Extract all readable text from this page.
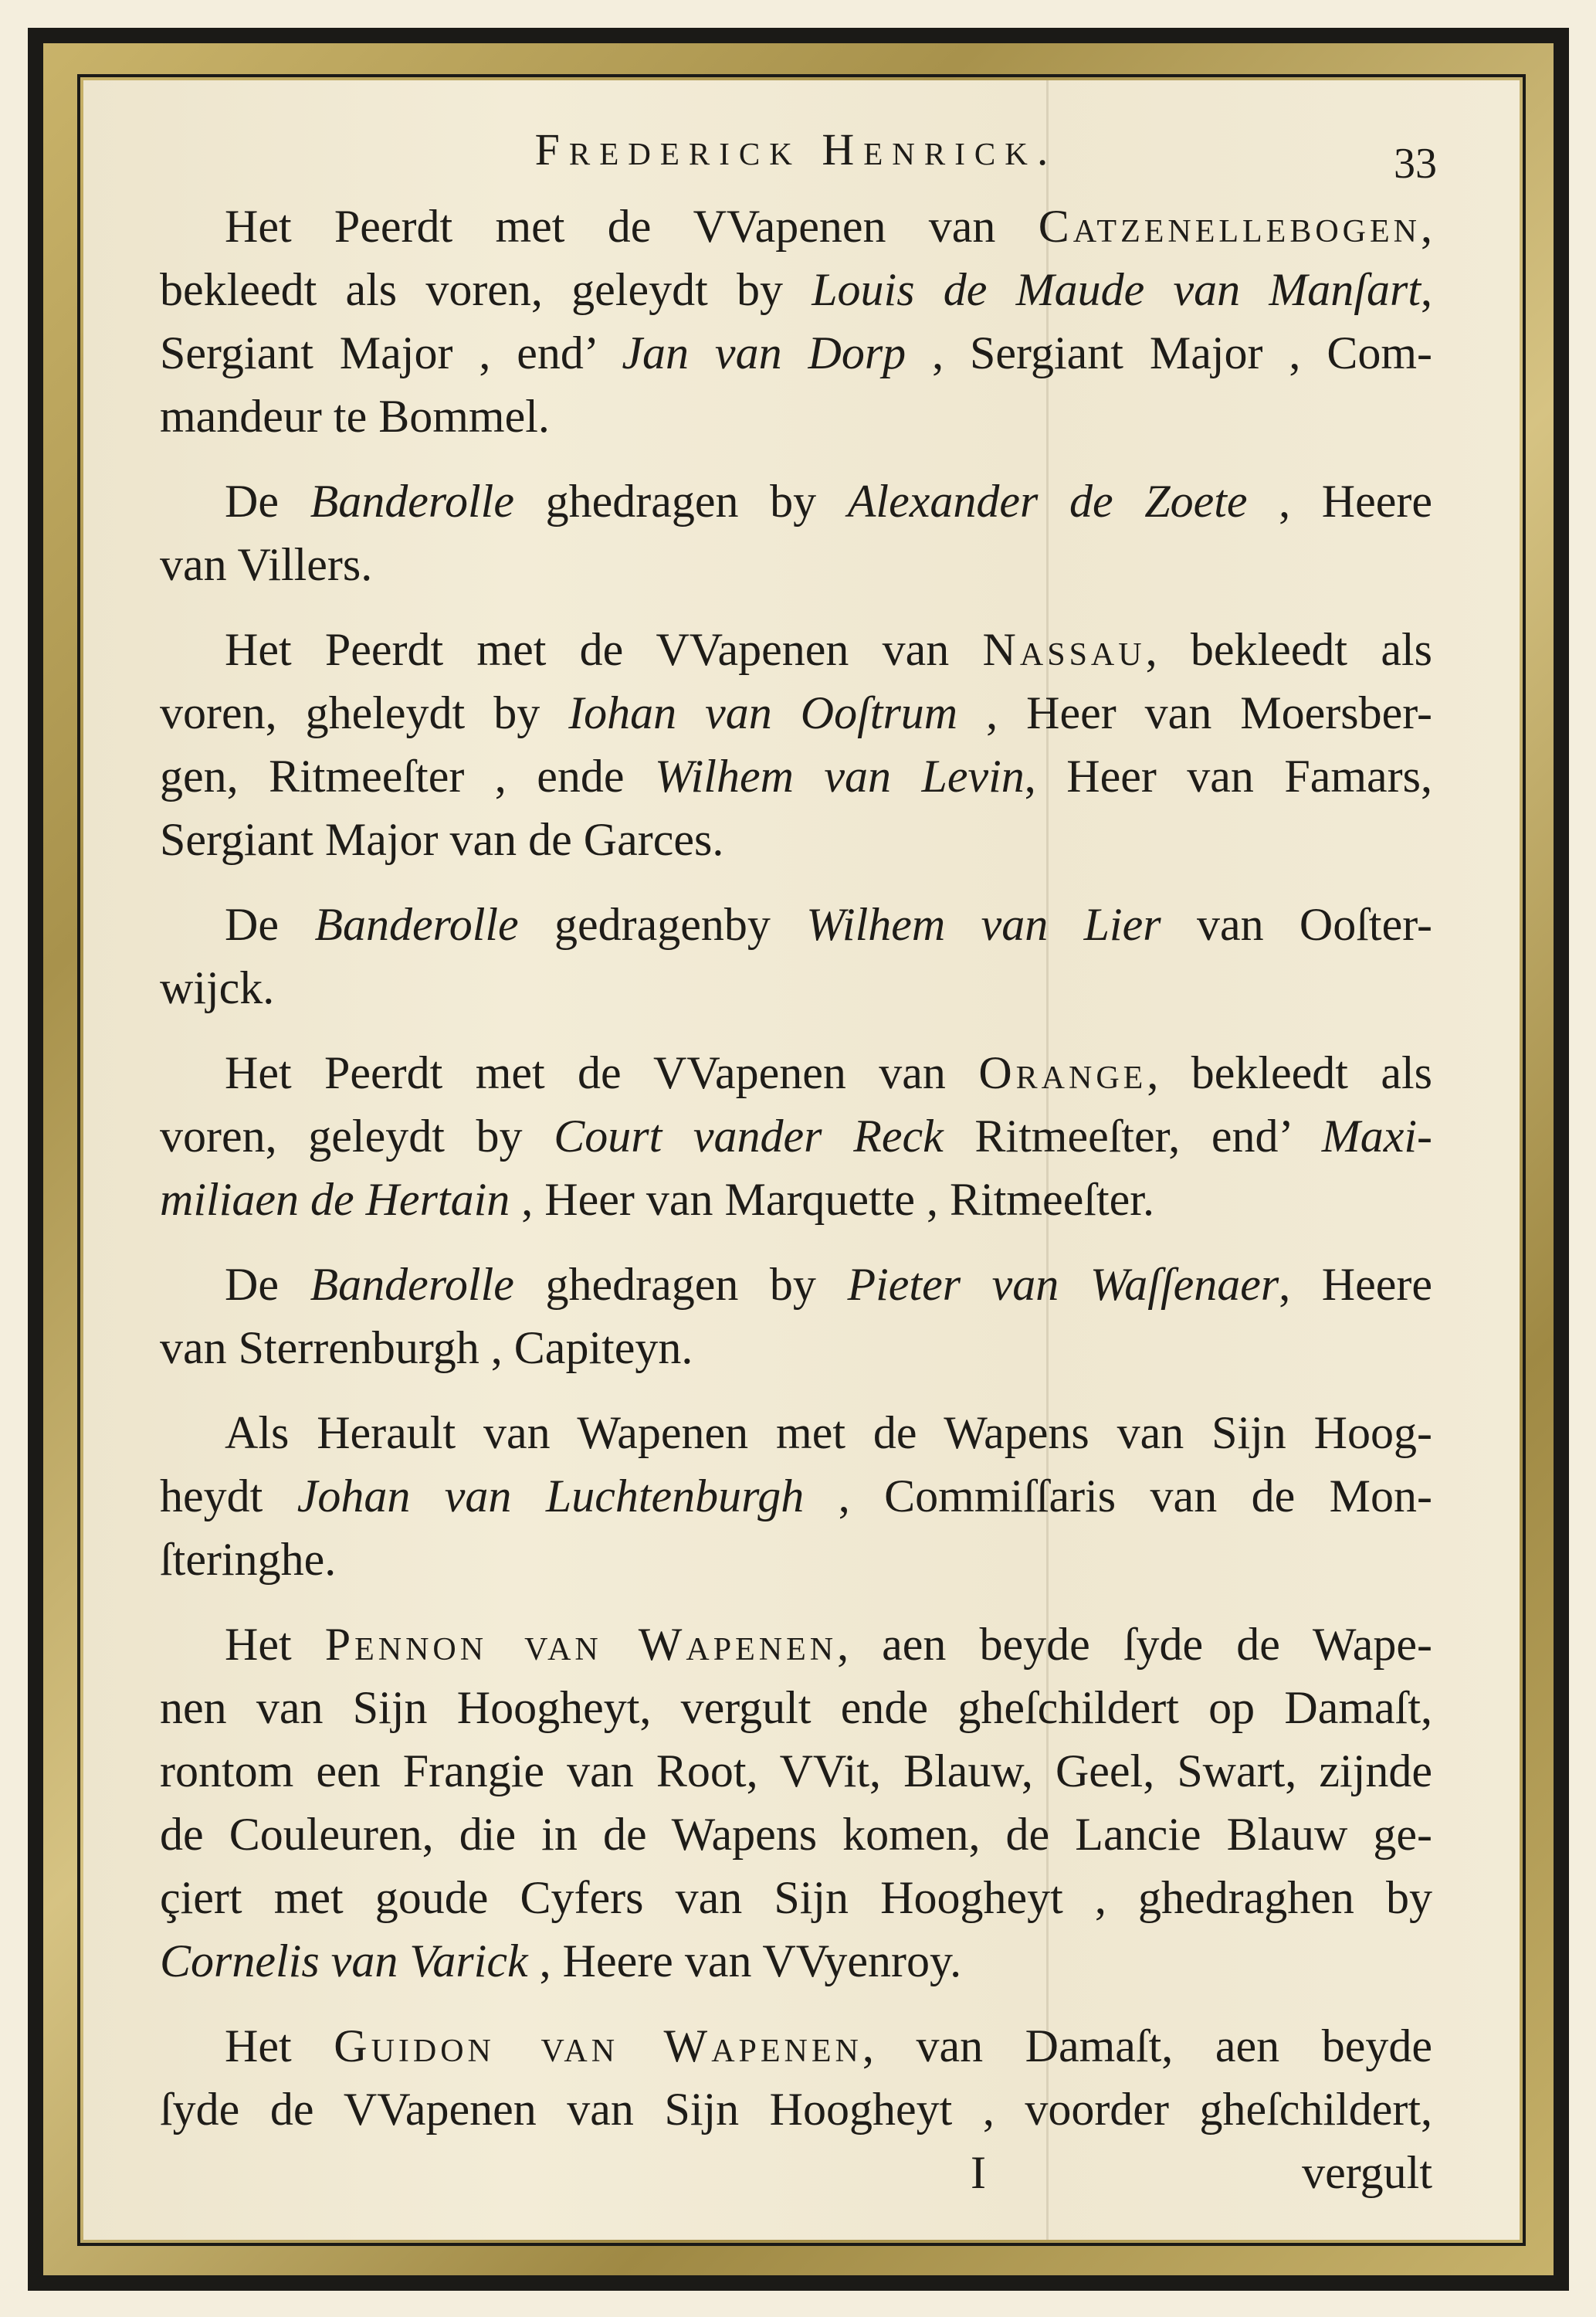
Frederick Henrick.	33
Het Peerdt met de VVapenen van Catzenellebogen,
bekleedt als voren, geleydt by Louis de Maude van Manſart,
Sergiant Major , end’ Jan van Dorp , Sergiant Major , Com-
mandeur te Bommel.
De Banderolle ghedragen by Alexander de Zoete , Heere
van Villers.
Het Peerdt met de VVapenen van Nassau, bekleedt als
voren, gheleydt by Iohan van Ooſtrum , Heer van Moersber-
gen, Ritmeeſter , ende Wilhem van Levin, Heer van Famars,
Sergiant Major van de Garces.
De Banderolle gedragenby Wilhem van Lier van Ooſter-
wijck.
Het Peerdt met de VVapenen van Orange, bekleedt als
voren, geleydt by Court vander Reck Ritmeeſter, end’ Maxi-
miliaen de Hertain , Heer van Marquette , Ritmeeſter.
De Banderolle ghedragen by Pieter van Waſſenaer, Heere
van Sterrenburgh , Capiteyn.
Als Herault van Wapenen met de Wapens van Sijn Hoog-
heydt Johan van Luchtenburgh , Commiſſaris van de Mon-
ſteringhe.
Het Pennon van Wapenen, aen beyde ſyde de Wape-
nen van Sijn Hoogheyt, vergult ende gheſchildert op Damaſt,
rontom een Frangie van Root, VVit, Blauw, Geel, Swart, zijnde
de Couleuren, die in de Wapens komen, de Lancie Blauw ge-
çiert met goude Cyfers van Sijn Hoogheyt , ghedraghen by
Cornelis van Varick , Heere van VVyenroy.
Het Guidon van Wapenen, van Damaſt, aen beyde
ſyde de VVapenen van Sijn Hoogheyt , voorder gheſchildert,
I	vergult
